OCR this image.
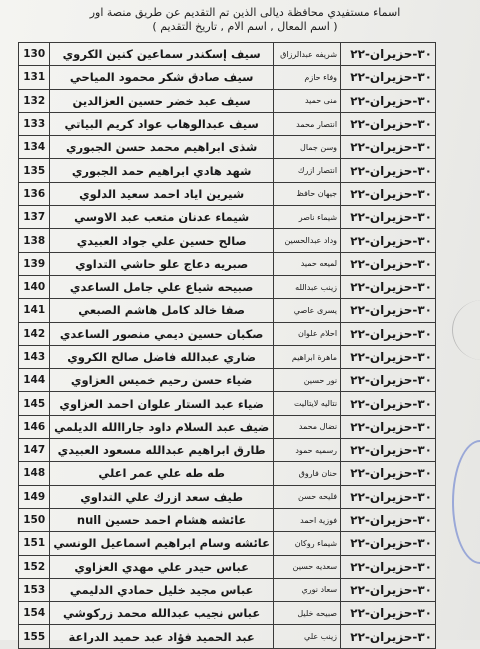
اسماء مستفيدي محافظة ديالى الذين تم التقديم عن طريق منصة اور
( اسم المعال , اسم الام , تاريخ التقديم )
٣٠-حزيران-٢٢	شريفه عبدالرزاق	سيف إسكندر سماعين كنين الكروي	130
٣٠-حزيران-٢٢	وفاء حازم	سيف صادق شكر محمود المياحي	131
٣٠-حزيران-٢٢	منى حميد	سيف عبد خضر حسين العزالدين	132
٣٠-حزيران-٢٢	انتصار محمد	سيف عبدالوهاب عواد كريم البياتي	133
٣٠-حزيران-٢٢	وسن جمال	شذى ابراهيم محمد حسن الجبوري	134
٣٠-حزيران-٢٢	انتصار ازرك	شهد هادي ابراهيم حمد الجبوري	135
٣٠-حزيران-٢٢	جيهان حافظ	شيرين اياد احمد سعيد الدلوي	136
٣٠-حزيران-٢٢	شيماء ناصر	شيماء عدنان متعب عبد الاوسي	137
٣٠-حزيران-٢٢	وداد عبدالحسين	صالح حسين علي جواد العبيدي	138
٣٠-حزيران-٢٢	لميعه حميد	صبريه دعاج علو حاشي التداوي	139
٣٠-حزيران-٢٢	زينب عبدالله	صبيحه شياع علي جامل الساعدي	140
٣٠-حزيران-٢٢	يسرى عاصي	صفا خالد كامل هاشم الصبعي	141
٣٠-حزيران-٢٢	احلام علوان	صكبان حسين ديمي منصور الساعدي	142
٣٠-حزيران-٢٢	ماهرة ابراهيم	ضاري عبدالله فاضل صالح الكروي	143
٣٠-حزيران-٢٢	نور حسين	ضياء حسن رحيم خميس العزاوي	144
٣٠-حزيران-٢٢	نتاليه لايتاليت	ضياء عبد الستار علوان احمد العزاوي	145
٣٠-حزيران-٢٢	نضال محمد	ضيف عبد السلام داود جاراالله الديلمي	146
٣٠-حزيران-٢٢	رسميه حمود	طارق ابراهيم عبدالله مسعود العبيدي	147
٣٠-حزيران-٢٢	حنان فاروق	طه طه علي عمر اعلي	148
٣٠-حزيران-٢٢	فليحه حسن	طيف سعد ازرك علي التداوي	149
٣٠-حزيران-٢٢	فوزية احمد	عائشه هشام احمد حسين null	150
٣٠-حزيران-٢٢	شيماء روكان	عائشه وسام ابراهيم اسماعيل الونسي	151
٣٠-حزيران-٢٢	سعديه حسين	عباس حيدر علي مهدي العزاوي	152
٣٠-حزيران-٢٢	سعاد نوري	عباس مجيد خليل حمادي الدليمي	153
٣٠-حزيران-٢٢	صبيحه خليل	عباس نجيب عبدالله محمد زركوشي	154
٣٠-حزيران-٢٢	زينب علي	عبد الحميد فؤاد عبد حميد الدراعة	155
